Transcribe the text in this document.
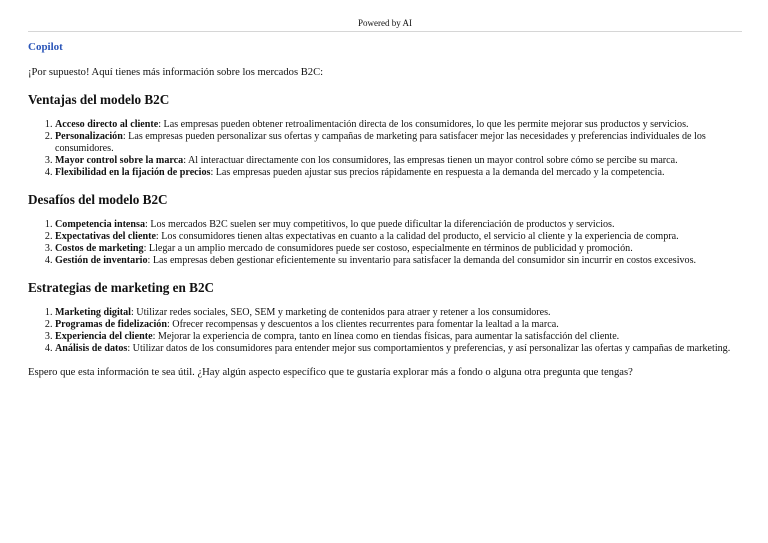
Powered by AI

Copilot

¡Por supuesto! Aquí tienes más información sobre los mercados B2C:

Ventajas del modelo B2C
1. Acceso directo al cliente: Las empresas pueden obtener retroalimentación directa de los consumidores, lo que les permite mejorar sus productos y servicios.
2. Personalización: Las empresas pueden personalizar sus ofertas y campañas de marketing para satisfacer mejor las necesidades y preferencias individuales de los consumidores.
3. Mayor control sobre la marca: Al interactuar directamente con los consumidores, las empresas tienen un mayor control sobre cómo se percibe su marca.
4. Flexibilidad en la fijación de precios: Las empresas pueden ajustar sus precios rápidamente en respuesta a la demanda del mercado y la competencia.
Desafíos del modelo B2C
1. Competencia intensa: Los mercados B2C suelen ser muy competitivos, lo que puede dificultar la diferenciación de productos y servicios.
2. Expectativas del cliente: Los consumidores tienen altas expectativas en cuanto a la calidad del producto, el servicio al cliente y la experiencia de compra.
3. Costos de marketing: Llegar a un amplio mercado de consumidores puede ser costoso, especialmente en términos de publicidad y promoción.
4. Gestión de inventario: Las empresas deben gestionar eficientemente su inventario para satisfacer la demanda del consumidor sin incurrir en costos excesivos.
Estrategias de marketing en B2C
1. Marketing digital: Utilizar redes sociales, SEO, SEM y marketing de contenidos para atraer y retener a los consumidores.
2. Programas de fidelización: Ofrecer recompensas y descuentos a los clientes recurrentes para fomentar la lealtad a la marca.
3. Experiencia del cliente: Mejorar la experiencia de compra, tanto en línea como en tiendas físicas, para aumentar la satisfacción del cliente.
4. Análisis de datos: Utilizar datos de los consumidores para entender mejor sus comportamientos y preferencias, y así personalizar las ofertas y campañas de marketing.

Espero que esta información te sea útil. ¿Hay algún aspecto específico que te gustaría explorar más a fondo o alguna otra pregunta que tengas?
